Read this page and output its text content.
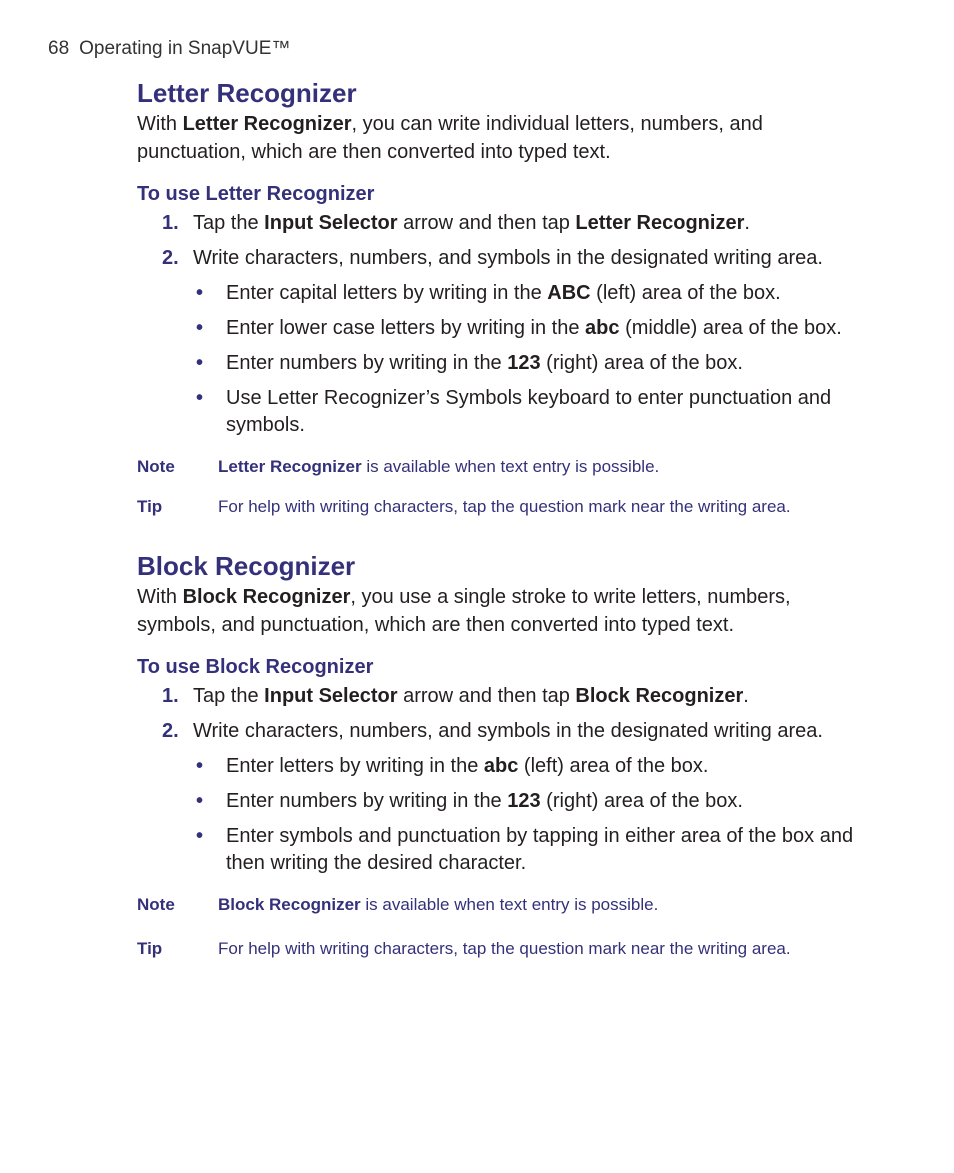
68 Operating in SnapVUE™
Letter Recognizer

With Letter Recognizer, you can write individual letters, numbers, and punctuation, which are then converted into typed text.

To use Letter Recognizer
1. Tap the Input Selector arrow and then tap Letter Recognizer.
2. Write characters, numbers, and symbols in the designated writing area.
• Enter capital letters by writing in the ABC (left) area of the box.
• Enter lower case letters by writing in the abc (middle) area of the box.
• Enter numbers by writing in the 123 (right) area of the box.
• Use Letter Recognizer’s Symbols keyboard to enter punctuation and symbols.
Note	Letter Recognizer is available when text entry is possible.
Tip	For help with writing characters, tap the question mark near the writing area.
Block Recognizer

With Block Recognizer, you use a single stroke to write letters, numbers, symbols, and punctuation, which are then converted into typed text.

To use Block Recognizer
1. Tap the Input Selector arrow and then tap Block Recognizer.
2. Write characters, numbers, and symbols in the designated writing area.
• Enter letters by writing in the abc (left) area of the box.
• Enter numbers by writing in the 123 (right) area of the box.
• Enter symbols and punctuation by tapping in either area of the box and then writing the desired character.
Note	Block Recognizer is available when text entry is possible.
Tip	For help with writing characters, tap the question mark near the writing area.
